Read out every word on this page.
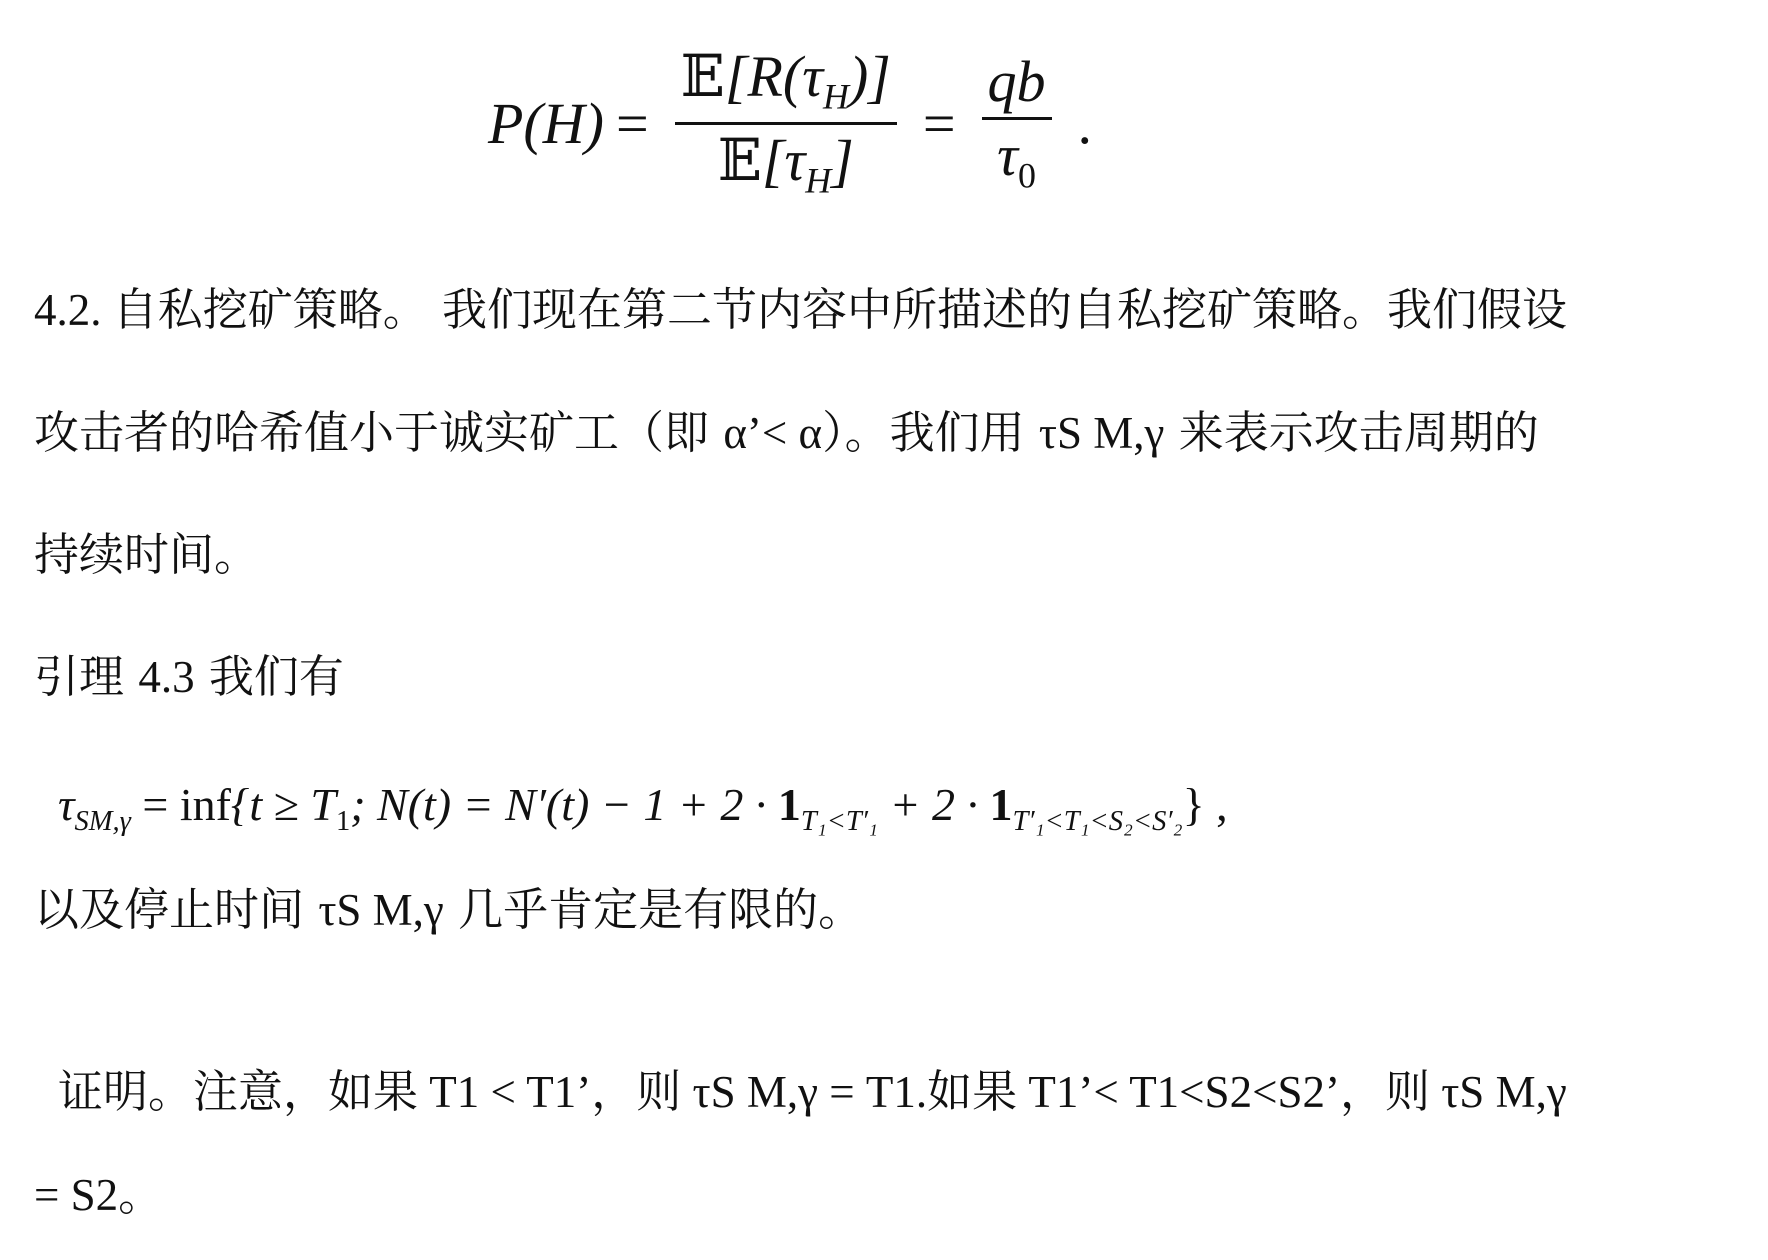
$P(H) = \frac{𝔼[R(\tau_H)]}{𝔼[\tau_H]} = \frac{qb}{\tau_0}$ .
4.2. 自私挖矿策略。 我们现在第二节内容中所描述的自私挖矿策略。我们假设
攻击者的哈希值小于诚实矿工（即 α’< α）。我们用 τS M,γ 来表示攻击周期的
持续时间。
引理 4.3 我们有
$\tau_{SM,\gamma} = inf\{t \ge T_1$; $N(t) = N'(t) - 1 + 2 \cdot 1_{T_1<T'_1} + 2 \cdot 1_{T'_1<T_1<S_2<S'_2}$} ,
以及停止时间 τS M,γ 几乎肯定是有限的。
证明。注意，如果 T1 < T1’，则 τS M,γ = T1.如果 T1’< T1<S2<S2’，则 τS M,γ
= S2。
